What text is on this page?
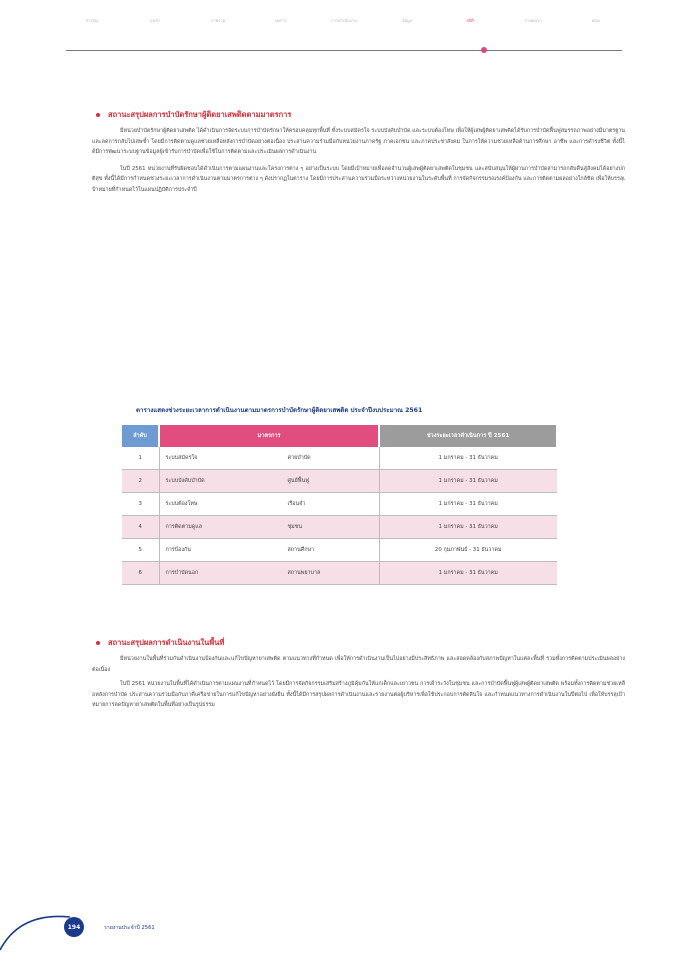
สารบัญ	บทนำ	ภาพรวม	ผลการ	การดำเนินงาน	ข้อมูล	สถิติ	ภาคผนวก	คณะ
สถานะสรุปผลการบำบัดรักษาผู้ติดยาเสพติดตามมาตรการ

มีหน่วยบำบัดรักษาผู้ติดยาเสพติด ได้ดำเนินการจัดระบบการบำบัดรักษาให้ครอบคลุมทุกพื้นที่ ทั้งระบบสมัครใจ ระบบบังคับบำบัด และระบบต้องโทษ เพื่อให้ผู้เสพผู้ติดยาเสพติดได้รับการบำบัดฟื้นฟูสมรรถภาพอย่างมีมาตรฐาน และลดการกลับไปเสพซ้ำ โดยมีการติดตามดูแลช่วยเหลือหลังการบำบัดอย่างต่อเนื่อง ประสานความร่วมมือกับหน่วยงานภาครัฐ ภาคเอกชน และภาคประชาสังคม ในการให้ความช่วยเหลือด้านการศึกษา อาชีพ และการดำรงชีวิต ทั้งนี้ได้มีการพัฒนาระบบฐานข้อมูลผู้เข้ารับการบำบัดเพื่อใช้ในการติดตามและประเมินผลการดำเนินงาน

ในปี 2561 หน่วยงานที่รับผิดชอบได้ดำเนินการตามแผนงานและโครงการต่าง ๆ อย่างเป็นระบบ โดยมีเป้าหมายเพื่อลดจำนวนผู้เสพผู้ติดยาเสพติดในชุมชน และสนับสนุนให้ผู้ผ่านการบำบัดสามารถกลับคืนสู่สังคมได้อย่างปกติสุข ทั้งนี้ได้มีการกำหนดช่วงระยะเวลาการดำเนินงานตามมาตรการต่าง ๆ ดังปรากฏในตาราง โดยมีการประสานความร่วมมือระหว่างหน่วยงานในระดับพื้นที่ การจัดกิจกรรมรณรงค์ป้องกัน และการติดตามผลอย่างใกล้ชิด เพื่อให้บรรลุเป้าหมายที่กำหนดไว้ในแผนปฏิบัติการประจำปี

ตารางแสดงช่วงระยะเวลาการดำเนินงานตามมาตรการบำบัดรักษาผู้ติดยาเสพติด ประจำปีงบประมาณ 2561
ลำดับ	มาตรการ		ช่วงระยะเวลาดำเนินการ ปี 2561
1	ระบบสมัครใจ	ค่ายบำบัด	1 มกราคม - 31 ธันวาคม
2	ระบบบังคับบำบัด	ศูนย์ฟื้นฟู	1 มกราคม - 31 ธันวาคม
3	ระบบต้องโทษ	เรือนจำ	1 มกราคม - 31 ธันวาคม
4	การติดตามดูแล	ชุมชน	1 มกราคม - 31 ธันวาคม
5	การป้องกัน	สถานศึกษา	20 กุมภาพันธ์ - 31 ธันวาคม
6	การบำบัดนอก	สถานพยาบาล	1 มกราคม - 31 ธันวาคม
สถานะสรุปผลการดำเนินงานในพื้นที่

มีหน่วยงานในพื้นที่ร่วมกันดำเนินงานป้องกันและแก้ไขปัญหายาเสพติด ตามแนวทางที่กำหนด เพื่อให้การดำเนินงานเป็นไปอย่างมีประสิทธิภาพ และสอดคล้องกับสภาพปัญหาในแต่ละพื้นที่ รวมทั้งการติดตามประเมินผลอย่างต่อเนื่อง

ในปี 2561 หน่วยงานในพื้นที่ได้ดำเนินการตามแผนงานที่กำหนดไว้ โดยมีการจัดกิจกรรมเสริมสร้างภูมิคุ้มกันให้แก่เด็กและเยาวชน การเฝ้าระวังในชุมชน และการบำบัดฟื้นฟูผู้เสพผู้ติดยาเสพติด พร้อมทั้งการติดตามช่วยเหลือหลังการบำบัด ประสานความร่วมมือกับภาคีเครือข่ายในการแก้ไขปัญหาอย่างยั่งยืน ทั้งนี้ได้มีการสรุปผลการดำเนินงานและรายงานต่อผู้บริหารเพื่อใช้ประกอบการตัดสินใจ และกำหนดแนวทางการดำเนินงานในปีต่อไป เพื่อให้บรรลุเป้าหมายการลดปัญหายาเสพติดในพื้นที่อย่างเป็นรูปธรรม

194	รายงานประจำปี 2561
